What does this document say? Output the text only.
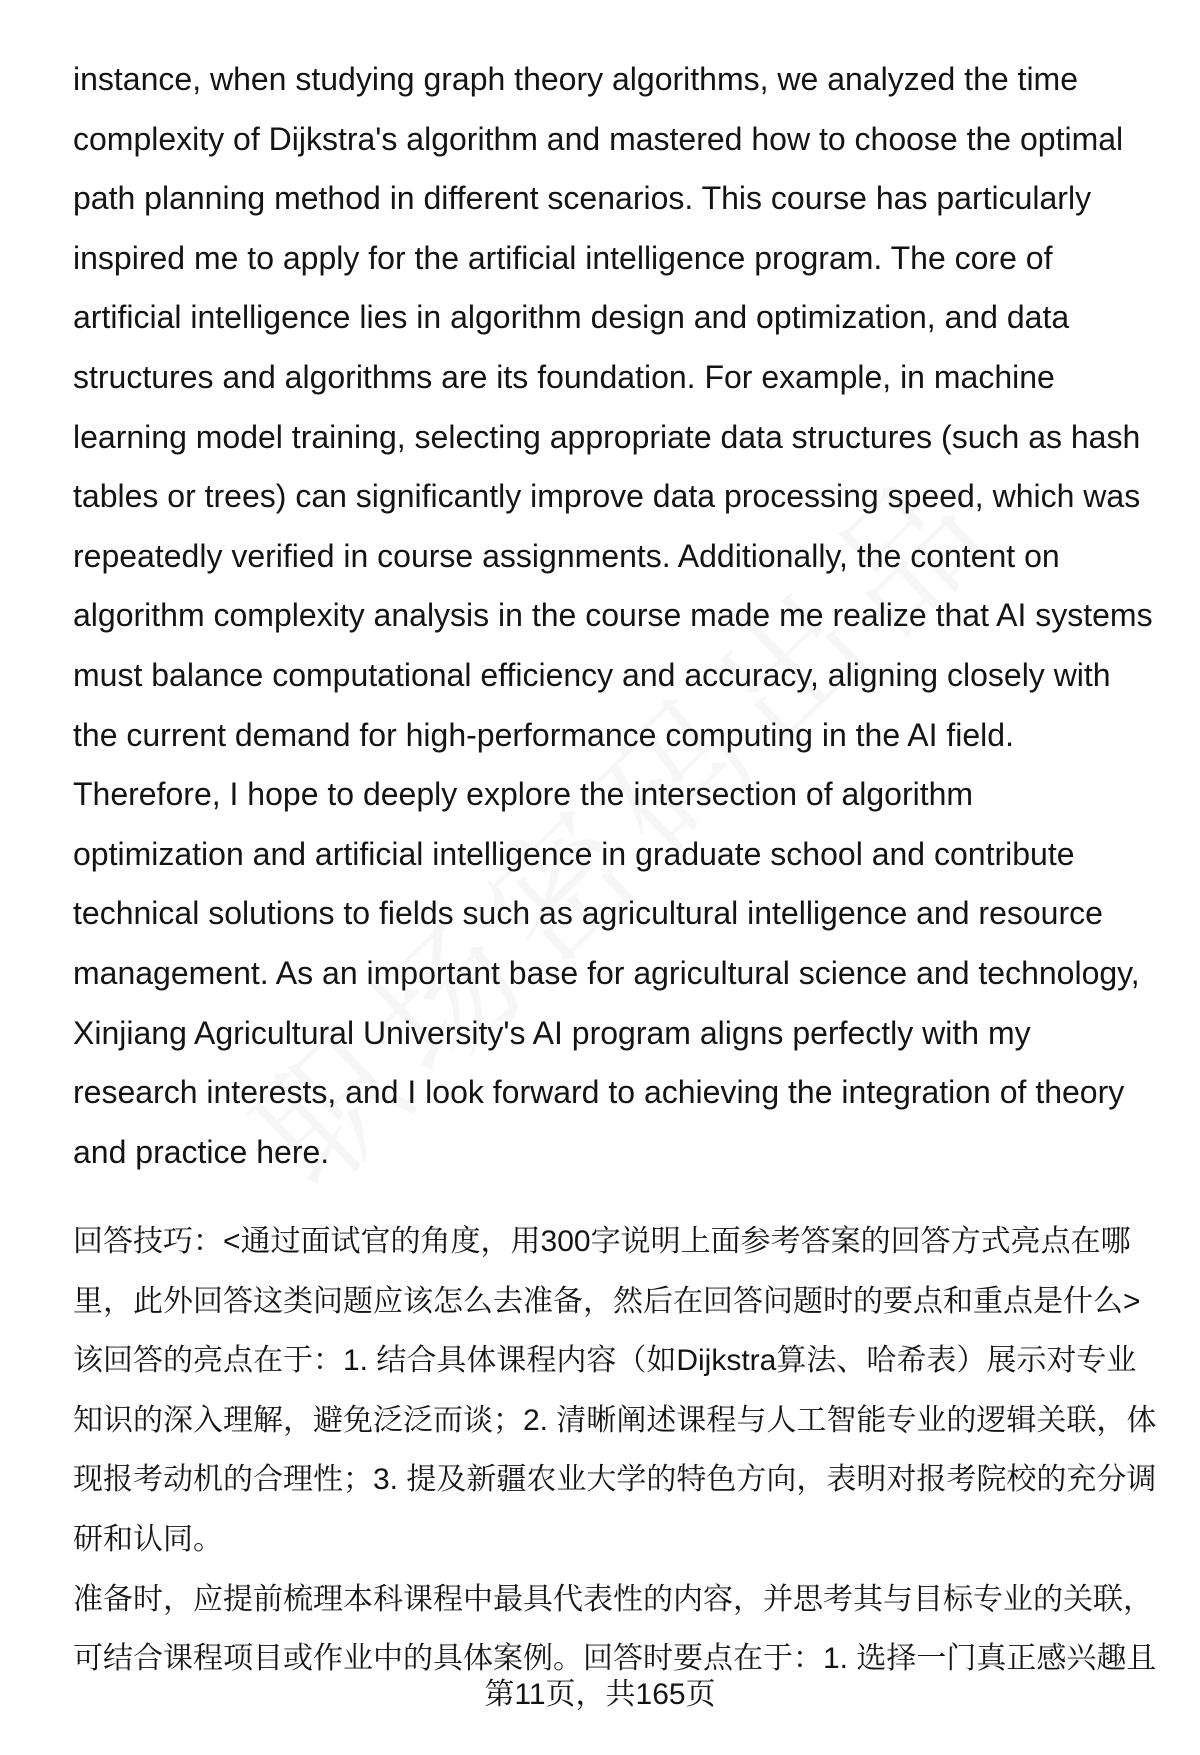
instance, when studying graph theory algorithms, we analyzed the time
complexity of Dijkstra's algorithm and mastered how to choose the optimal
path planning method in different scenarios. This course has particularly
inspired me to apply for the artificial intelligence program. The core of
artificial intelligence lies in algorithm design and optimization, and data
structures and algorithms are its foundation. For example, in machine
learning model training, selecting appropriate data structures (such as hash
tables or trees) can significantly improve data processing speed, which was
repeatedly verified in course assignments. Additionally, the content on
algorithm complexity analysis in the course made me realize that AI systems
must balance computational efficiency and accuracy, aligning closely with
the current demand for high-performance computing in the AI field.
Therefore, I hope to deeply explore the intersection of algorithm
optimization and artificial intelligence in graduate school and contribute
technical solutions to fields such as agricultural intelligence and resource
management. As an important base for agricultural science and technology,
Xinjiang Agricultural University's AI program aligns perfectly with my
research interests, and I look forward to achieving the integration of theory
and practice here.
回答技巧：<通过面试官的角度，用300字说明上面参考答案的回答方式亮点在哪
里，此外回答这类问题应该怎么去准备，然后在回答问题时的要点和重点是什么>
该回答的亮点在于：1. 结合具体课程内容（如Dijkstra算法、哈希表）展示对专业
知识的深入理解，避免泛泛而谈；2. 清晰阐述课程与人工智能专业的逻辑关联，体
现报考动机的合理性；3. 提及新疆农业大学的特色方向，表明对报考院校的充分调
研和认同。
准备时，应提前梳理本科课程中最具代表性的内容，并思考其与目标专业的关联，
可结合课程项目或作业中的具体案例。回答时要点在于：1. 选择一门真正感兴趣且
第11页，共165页
